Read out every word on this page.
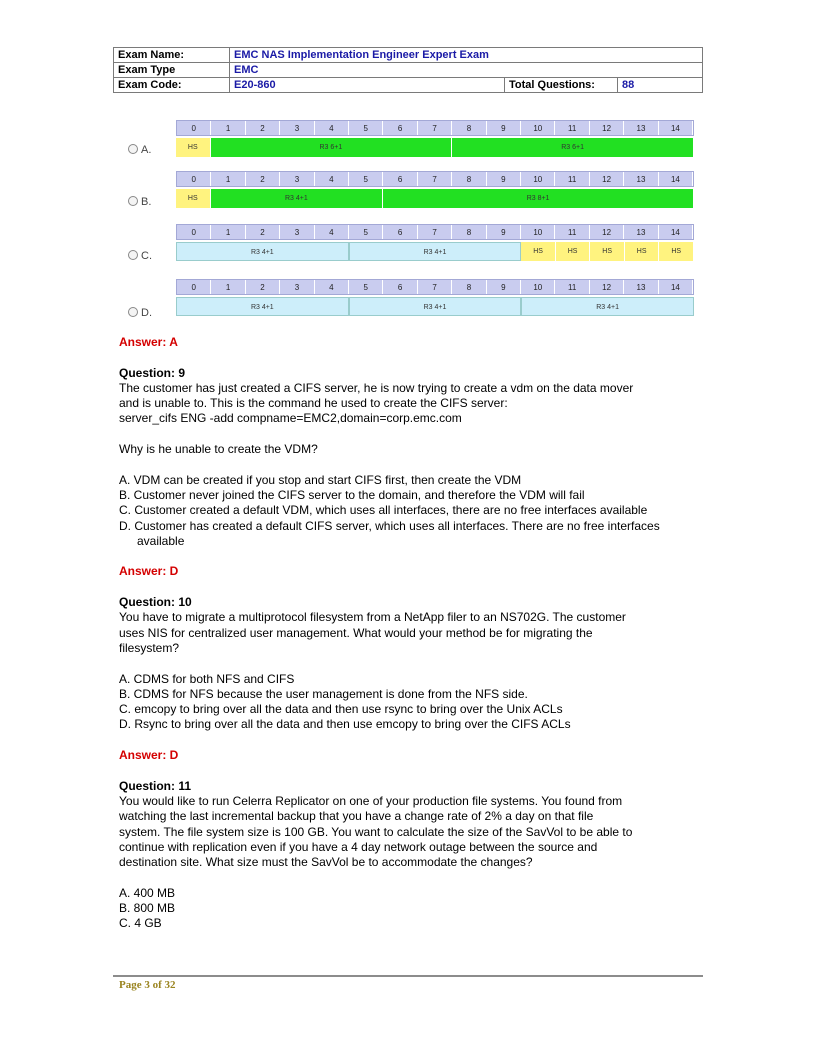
Exam Name:	EMC NAS Implementation Engineer Expert Exam		
Exam Type	EMC		
Exam Code:	E20-860	Total Questions:	88
A.
0	1	2	3	4	5	6	7	8	9	10	11	12	13	14
HS	R3 6+1	R3 6+1
B.
0	1	2	3	4	5	6	7	8	9	10	11	12	13	14
HS	R3 4+1	R3 8+1
C.
0	1	2	3	4	5	6	7	8	9	10	11	12	13	14
R3 4+1	R3 4+1	HS	HS	HS	HS	HS
D.
0	1	2	3	4	5	6	7	8	9	10	11	12	13	14
R3 4+1	R3 4+1	R3 4+1

Answer: A

Question: 9

The customer has just created a CIFS server, he is now trying to create a vdm on the data mover

and is unable to. This is the command he used to create the CIFS server:

server_cifs ENG -add compname=EMC2,domain=corp.emc.com

Why is he unable to create the VDM?

A. VDM can be created if you stop and start CIFS first, then create the VDM

B. Customer never joined the CIFS server to the domain, and therefore the VDM will fail

C. Customer created a default VDM, which uses all interfaces, there are no free interfaces available

D. Customer has created a default CIFS server, which uses all interfaces. There are no free interfaces available

Answer: D

Question: 10

You have to migrate a multiprotocol filesystem from a NetApp filer to an NS702G. The customer

uses NIS for centralized user management. What would your method be for migrating the

filesystem?

A. CDMS for both NFS and CIFS

B. CDMS for NFS because the user management is done from the NFS side.

C. emcopy to bring over all the data and then use rsync to bring over the Unix ACLs

D. Rsync to bring over all the data and then use emcopy to bring over the CIFS ACLs

Answer: D

Question: 11

You would like to run Celerra Replicator on one of your production file systems. You found from

watching the last incremental backup that you have a change rate of 2% a day on that file

system. The file system size is 100 GB. You want to calculate the size of the SavVol to be able to

continue with replication even if you have a 4 day network outage between the source and

destination site. What size must the SavVol be to accommodate the changes?

A. 400 MB

B. 800 MB

C. 4 GB

Page 3 of 32
